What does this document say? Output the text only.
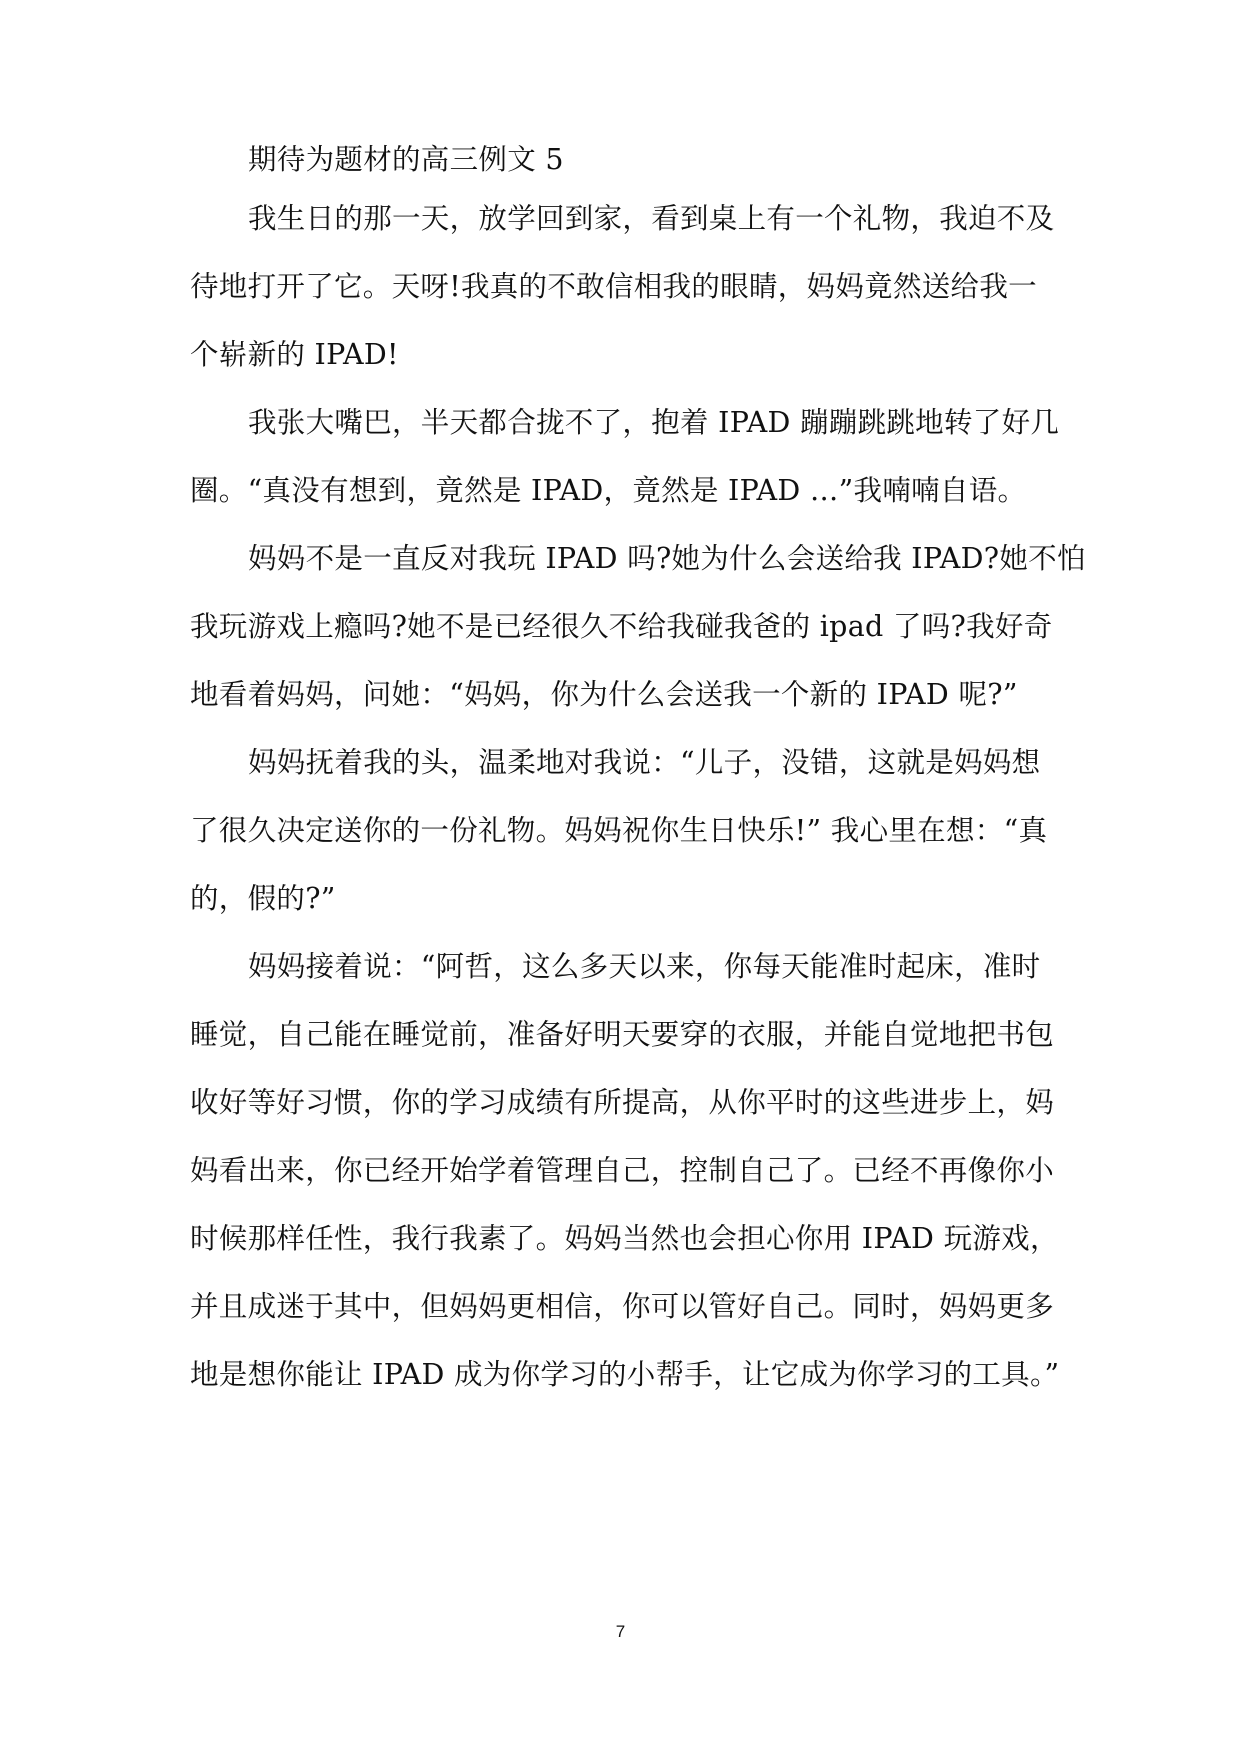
期待为题材的高三例文 5
我生日的那一天，放学回到家，看到桌上有一个礼物，我迫不及
待地打开了它。天呀!我真的不敢信相我的眼睛，妈妈竟然送给我一
个崭新的 IPAD!
我张大嘴巴，半天都合拢不了，抱着 IPAD 蹦蹦跳跳地转了好几
圈。“真没有想到，竟然是 IPAD，竟然是 IPAD …”我喃喃自语。
妈妈不是一直反对我玩 IPAD 吗?她为什么会送给我 IPAD?她不怕
我玩游戏上瘾吗?她不是已经很久不给我碰我爸的 ipad 了吗?我好奇
地看着妈妈，问她：“妈妈，你为什么会送我一个新的 IPAD 呢?”
妈妈抚着我的头，温柔地对我说：“儿子，没错，这就是妈妈想
了很久决定送你的一份礼物。妈妈祝你生日快乐!” 我心里在想：“真
的，假的?”
妈妈接着说：“阿哲，这么多天以来，你每天能准时起床，准时
睡觉，自己能在睡觉前，准备好明天要穿的衣服，并能自觉地把书包
收好等好习惯，你的学习成绩有所提高，从你平时的这些进步上，妈
妈看出来，你已经开始学着管理自己，控制自己了。已经不再像你小
时候那样任性，我行我素了。妈妈当然也会担心你用 IPAD 玩游戏，
并且成迷于其中，但妈妈更相信，你可以管好自己。同时，妈妈更多
地是想你能让 IPAD 成为你学习的小帮手，让它成为你学习的工具。”
7
